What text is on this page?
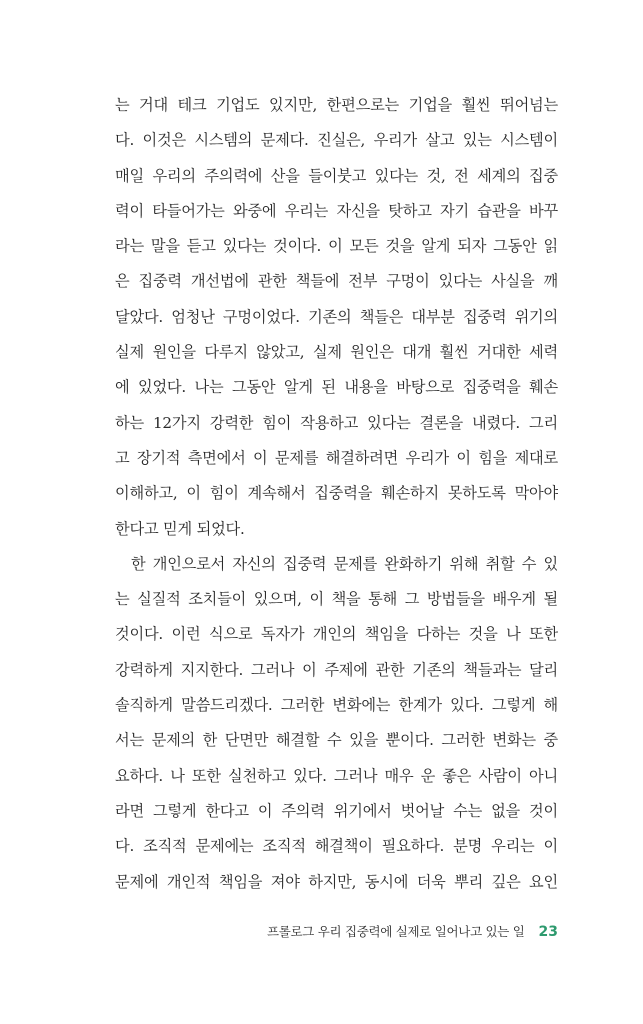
는 거대 테크 기업도 있지만, 한편으로는 기업을 훨씬 뛰어넘는
다. 이것은 시스템의 문제다. 진실은, 우리가 살고 있는 시스템이
매일 우리의 주의력에 산을 들이붓고 있다는 것, 전 세계의 집중
력이 타들어가는 와중에 우리는 자신을 탓하고 자기 습관을 바꾸
라는 말을 듣고 있다는 것이다. 이 모든 것을 알게 되자 그동안 읽
은 집중력 개선법에 관한 책들에 전부 구멍이 있다는 사실을 깨
달았다. 엄청난 구멍이었다. 기존의 책들은 대부분 집중력 위기의
실제 원인을 다루지 않았고, 실제 원인은 대개 훨씬 거대한 세력
에 있었다. 나는 그동안 알게 된 내용을 바탕으로 집중력을 훼손
하는 12가지 강력한 힘이 작용하고 있다는 결론을 내렸다. 그리
고 장기적 측면에서 이 문제를 해결하려면 우리가 이 힘을 제대로
이해하고, 이 힘이 계속해서 집중력을 훼손하지 못하도록 막아야
한다고 믿게 되었다.
한 개인으로서 자신의 집중력 문제를 완화하기 위해 취할 수 있
는 실질적 조치들이 있으며, 이 책을 통해 그 방법들을 배우게 될
것이다. 이런 식으로 독자가 개인의 책임을 다하는 것을 나 또한
강력하게 지지한다. 그러나 이 주제에 관한 기존의 책들과는 달리
솔직하게 말씀드리겠다. 그러한 변화에는 한계가 있다. 그렇게 해
서는 문제의 한 단면만 해결할 수 있을 뿐이다. 그러한 변화는 중
요하다. 나 또한 실천하고 있다. 그러나 매우 운 좋은 사람이 아니
라면 그렇게 한다고 이 주의력 위기에서 벗어날 수는 없을 것이
다. 조직적 문제에는 조직적 해결책이 필요하다. 분명 우리는 이
문제에 개인적 책임을 져야 하지만, 동시에 더욱 뿌리 깊은 요인
프롤로그 우리 집중력에 실제로 일어나고 있는 일 23
